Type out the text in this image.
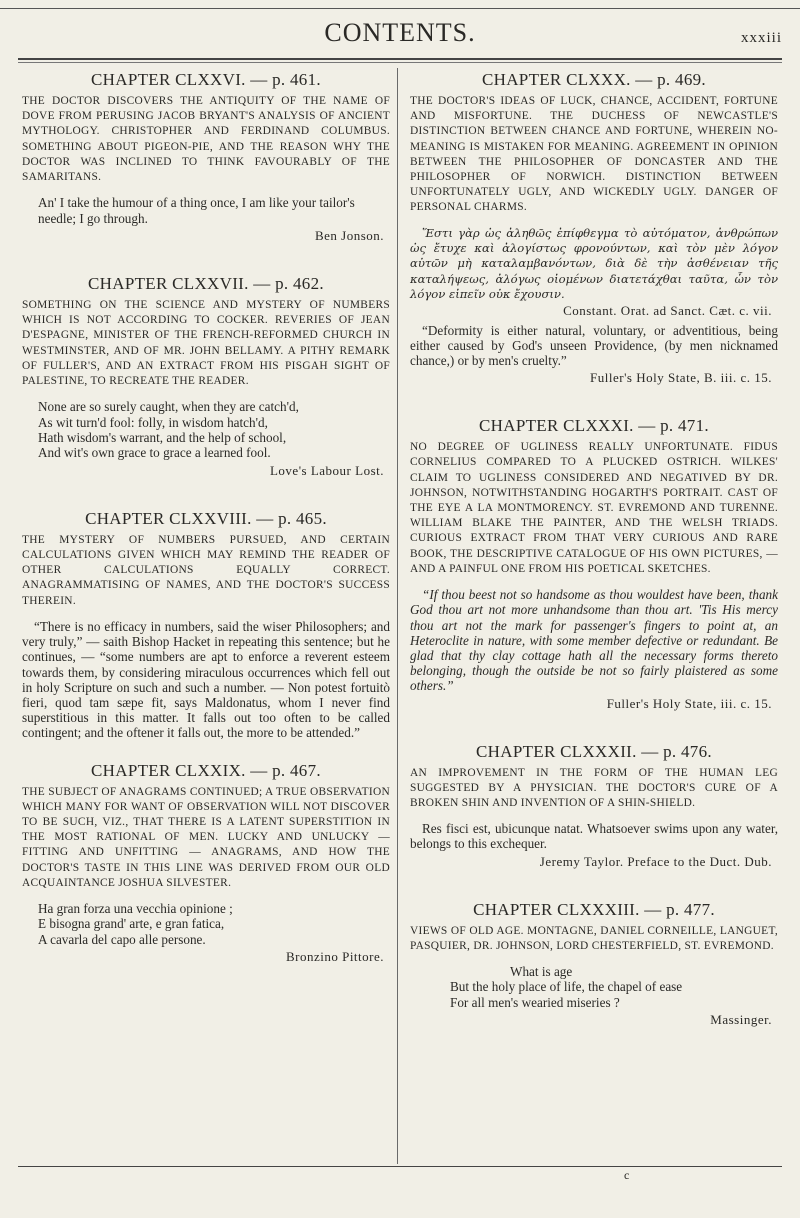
CONTENTS.	xxxiii
CHAPTER CLXXVI. — p. 461.

THE DOCTOR DISCOVERS THE ANTIQUITY OF THE NAME OF DOVE FROM PERUSING JACOB BRYANT'S ANALYSIS OF ANCIENT MYTHOLOGY. CHRISTOPHER AND FERDINAND COLUMBUS. SOMETHING ABOUT PIGEON-PIE, AND THE REASON WHY THE DOCTOR WAS INCLINED TO THINK FAVOURABLY OF THE SAMARITANS.

An' I take the humour of a thing once, I am like your tailor's needle; I go through.

Ben Jonson.
CHAPTER CLXXVII. — p. 462.

SOMETHING ON THE SCIENCE AND MYSTERY OF NUMBERS WHICH IS NOT ACCORDING TO COCKER. REVERIES OF JEAN D'ESPAGNE, MINISTER OF THE FRENCH-REFORMED CHURCH IN WESTMINSTER, AND OF MR. JOHN BELLAMY. A PITHY REMARK OF FULLER'S, AND AN EXTRACT FROM HIS PISGAH SIGHT OF PALESTINE, TO RECREATE THE READER.

None are so surely caught, when they are catch'd,
As wit turn'd fool: folly, in wisdom hatch'd,
Hath wisdom's warrant, and the help of school,
And wit's own grace to grace a learned fool.
Love's Labour Lost.
CHAPTER CLXXVIII. — p. 465.

THE MYSTERY OF NUMBERS PURSUED, AND CERTAIN CALCULATIONS GIVEN WHICH MAY REMIND THE READER OF OTHER CALCULATIONS EQUALLY CORRECT. ANAGRAMMATISING OF NAMES, AND THE DOCTOR'S SUCCESS THEREIN.

“There is no efficacy in numbers, said the wiser Philosophers; and very truly,” — saith Bishop Hacket in repeating this sentence; but he continues, — “some numbers are apt to enforce a reverent esteem towards them, by considering miraculous occurrences which fell out in holy Scripture on such and such a number. — Non potest fortuitò fieri, quod tam sæpe fit, says Maldonatus, whom I never find superstitious in this matter. It falls out too often to be called contingent; and the oftener it falls out, the more to be attended.”

CHAPTER CLXXIX. — p. 467.

THE SUBJECT OF ANAGRAMS CONTINUED; A TRUE OBSERVATION WHICH MANY FOR WANT OF OBSERVATION WILL NOT DISCOVER TO BE SUCH, VIZ., THAT THERE IS A LATENT SUPERSTITION IN THE MOST RATIONAL OF MEN. LUCKY AND UNLUCKY — FITTING AND UNFITTING — ANAGRAMS, AND HOW THE DOCTOR'S TASTE IN THIS LINE WAS DERIVED FROM OUR OLD ACQUAINTANCE JOSHUA SILVESTER.

Ha gran forza una vecchia opinione ;
E bisogna grand' arte, e gran fatica,
A cavarla del capo alle persone.
Bronzino Pittore.
CHAPTER CLXXX. — p. 469.

THE DOCTOR'S IDEAS OF LUCK, CHANCE, ACCIDENT, FORTUNE AND MISFORTUNE. THE DUCHESS OF NEWCASTLE'S DISTINCTION BETWEEN CHANCE AND FORTUNE, WHEREIN NO-MEANING IS MISTAKEN FOR MEANING. AGREEMENT IN OPINION BETWEEN THE PHILOSOPHER OF DONCASTER AND THE PHILOSOPHER OF NORWICH. DISTINCTION BETWEEN UNFORTUNATELY UGLY, AND WICKEDLY UGLY. DANGER OF PERSONAL CHARMS.

Ἕστι γὰρ ὡς ἀληθῶς ἐπίφθεγμα τὸ αὐτόματον, ἀνθρώπων ὡς ἔτυχε καὶ ἀλογίστως φρονούντων, καὶ τὸν μὲν λόγον αὐτῶν μὴ καταλαμβανόντων, διὰ δὲ τὴν ἀσθένειαν τῆς καταλήψεως, ἀλόγως οἰομένων διατετάχθαι ταῦτα, ὧν τὸν λόγον εἰπεῖν οὐκ ἔχουσιν.

Constant. Orat. ad Sanct. Cæt. c. vii.

“Deformity is either natural, voluntary, or adventitious, being either caused by God's unseen Providence, (by men nicknamed chance,) or by men's cruelty.”

Fuller's Holy State, B. iii. c. 15.
CHAPTER CLXXXI. — p. 471.

NO DEGREE OF UGLINESS REALLY UNFORTUNATE. FIDUS CORNELIUS COMPARED TO A PLUCKED OSTRICH. WILKES' CLAIM TO UGLINESS CONSIDERED AND NEGATIVED BY DR. JOHNSON, NOTWITHSTANDING HOGARTH'S PORTRAIT. CAST OF THE EYE A LA MONTMORENCY. ST. EVREMOND AND TURENNE. WILLIAM BLAKE THE PAINTER, AND THE WELSH TRIADS. CURIOUS EXTRACT FROM THAT VERY CURIOUS AND RARE BOOK, THE DESCRIPTIVE CATALOGUE OF HIS OWN PICTURES, — AND A PAINFUL ONE FROM HIS POETICAL SKETCHES.

“If thou beest not so handsome as thou wouldest have been, thank God thou art not more unhandsome than thou art. 'Tis His mercy thou art not the mark for passenger's fingers to point at, an Heteroclite in nature, with some member defective or redundant. Be glad that thy clay cottage hath all the necessary forms thereto belonging, though the outside be not so fairly plaistered as some others.”

Fuller's Holy State, iii. c. 15.
CHAPTER CLXXXII. — p. 476.

AN IMPROVEMENT IN THE FORM OF THE HUMAN LEG SUGGESTED BY A PHYSICIAN. THE DOCTOR'S CURE OF A BROKEN SHIN AND INVENTION OF A SHIN-SHIELD.

Res fisci est, ubicunque natat. Whatsoever swims upon any water, belongs to this exchequer.

Jeremy Taylor. Preface to the Duct. Dub.
CHAPTER CLXXXIII. — p. 477.

VIEWS OF OLD AGE. MONTAGNE, DANIEL CORNEILLE, LANGUET, PASQUIER, DR. JOHNSON, LORD CHESTERFIELD, ST. EVREMOND.

What is age
But the holy place of life, the chapel of ease
For all men's wearied miseries ?
Massinger.
c
